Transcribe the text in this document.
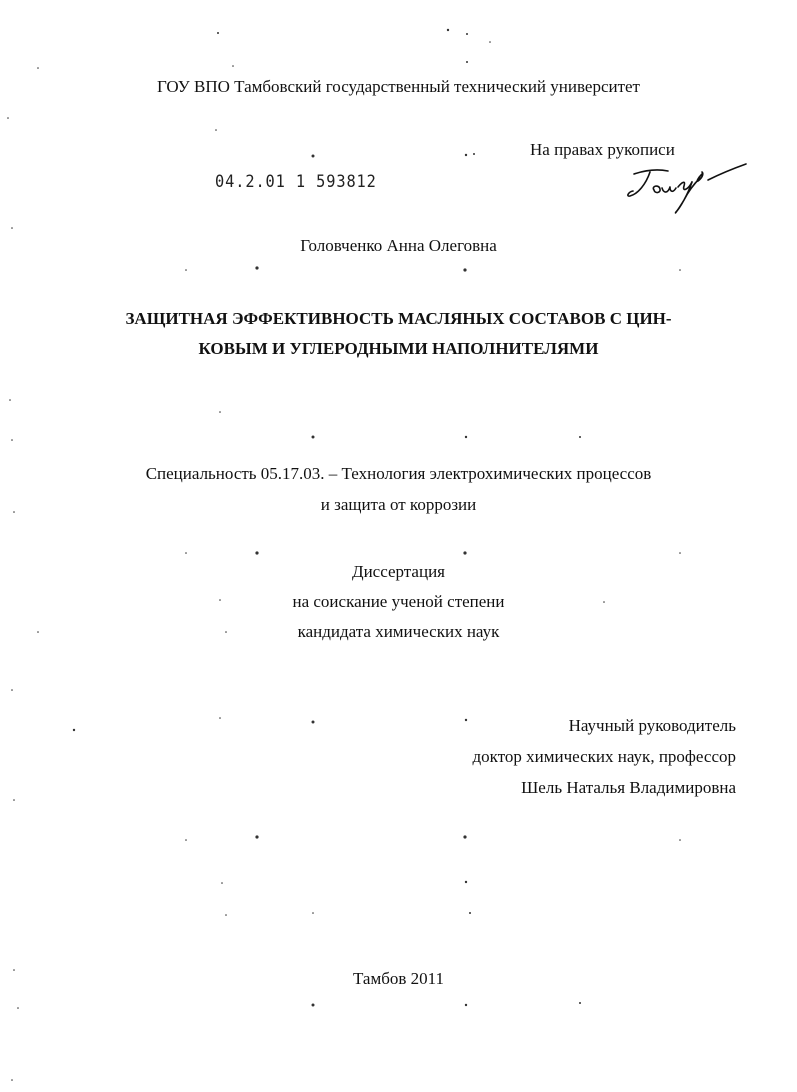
ГОУ ВПО Тамбовский государственный технический университет
На правах рукописи
04.2.01 1 593812
Головченко Анна Олеговна
ЗАЩИТНАЯ ЭФФЕКТИВНОСТЬ МАСЛЯНЫХ СОСТАВОВ С ЦИН-
КОВЫМ И УГЛЕРОДНЫМИ НАПОЛНИТЕЛЯМИ
Специальность 05.17.03. – Технология электрохимических процессов
и защита от коррозии
Диссертация
на соискание ученой степени
кандидата химических наук
Научный руководитель
доктор химических наук, профессор
Шель Наталья Владимировна
Тамбов 2011
